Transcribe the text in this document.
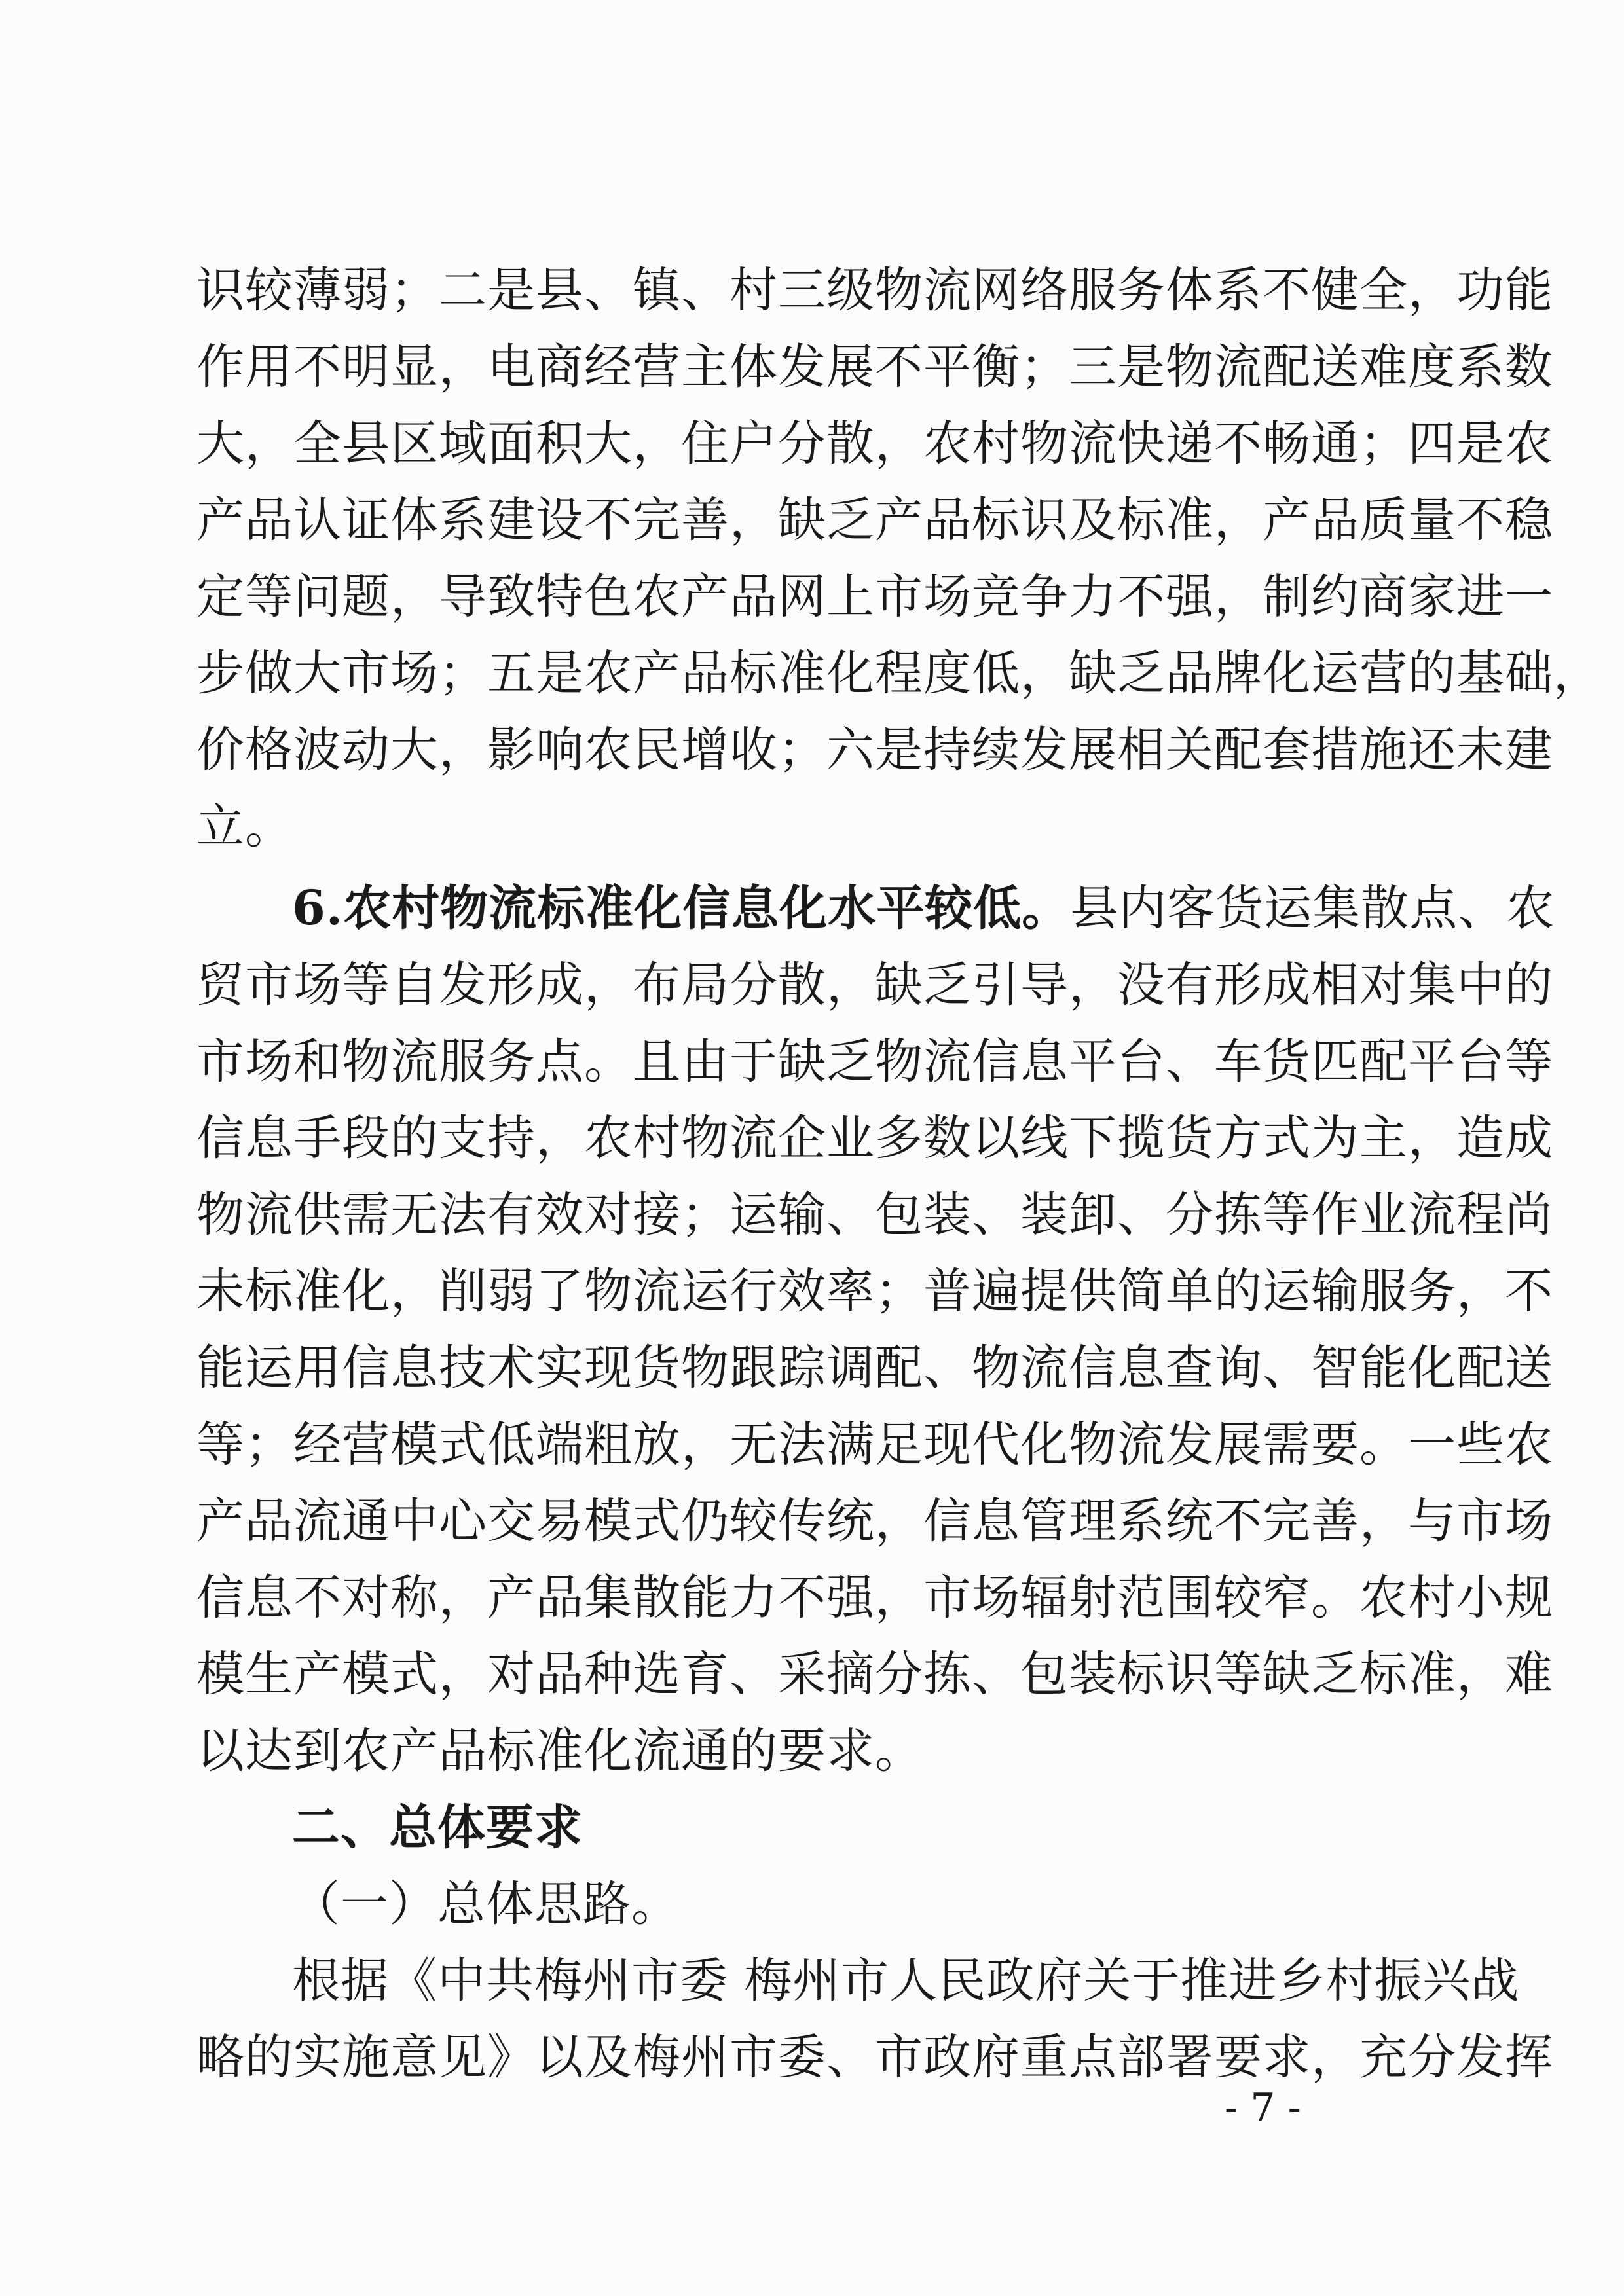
识较薄弱；二是县、镇、村三级物流网络服务体系不健全，功能
作用不明显，电商经营主体发展不平衡；三是物流配送难度系数
大，全县区域面积大，住户分散，农村物流快递不畅通；四是农
产品认证体系建设不完善，缺乏产品标识及标准，产品质量不稳
定等问题，导致特色农产品网上市场竞争力不强，制约商家进一
步做大市场；五是农产品标准化程度低，缺乏品牌化运营的基础，
价格波动大，影响农民增收；六是持续发展相关配套措施还未建
立。
6.农村物流标准化信息化水平较低。县内客货运集散点、农
贸市场等自发形成，布局分散，缺乏引导，没有形成相对集中的
市场和物流服务点。且由于缺乏物流信息平台、车货匹配平台等
信息手段的支持，农村物流企业多数以线下揽货方式为主，造成
物流供需无法有效对接；运输、包装、装卸、分拣等作业流程尚
未标准化，削弱了物流运行效率；普遍提供简单的运输服务，不
能运用信息技术实现货物跟踪调配、物流信息查询、智能化配送
等；经营模式低端粗放，无法满足现代化物流发展需要。一些农
产品流通中心交易模式仍较传统，信息管理系统不完善，与市场
信息不对称，产品集散能力不强，市场辐射范围较窄。农村小规
模生产模式，对品种选育、采摘分拣、包装标识等缺乏标准，难
以达到农产品标准化流通的要求。
二、总体要求
（一）总体思路。
根据《中共梅州市委 梅州市人民政府关于推进乡村振兴战
略的实施意见》以及梅州市委、市政府重点部署要求，充分发挥
- 7 -
